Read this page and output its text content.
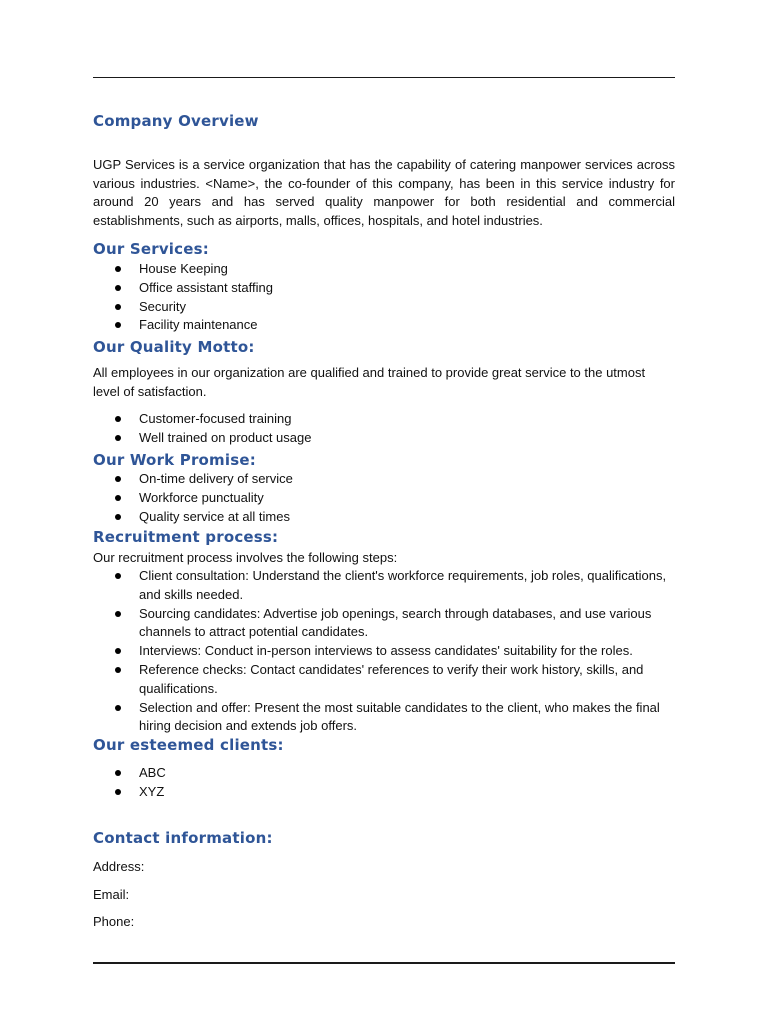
Company Overview

UGP Services is a service organization that has the capability of catering manpower services across various industries. <Name>, the co-founder of this company, has been in this service industry for around 20 years and has served quality manpower for both residential and commercial establishments, such as airports, malls, offices, hospitals, and hotel industries.

Our Services:
House Keeping
Office assistant staffing
Security
Facility maintenance
Our Quality Motto:

All employees in our organization are qualified and trained to provide great service to the utmost level of satisfaction.

Customer-focused training
Well trained on product usage
Our Work Promise:
On-time delivery of service
Workforce punctuality
Quality service at all times
Recruitment process:

Our recruitment process involves the following steps:

Client consultation: Understand the client's workforce requirements, job roles, qualifications, and skills needed.
Sourcing candidates: Advertise job openings, search through databases, and use various channels to attract potential candidates.
Interviews: Conduct in-person interviews to assess candidates' suitability for the roles.
Reference checks: Contact candidates' references to verify their work history, skills, and qualifications.
Selection and offer: Present the most suitable candidates to the client, who makes the final hiring decision and extends job offers.
Our esteemed clients:
ABC
XYZ
Contact information:

Address:

Email:

Phone:
